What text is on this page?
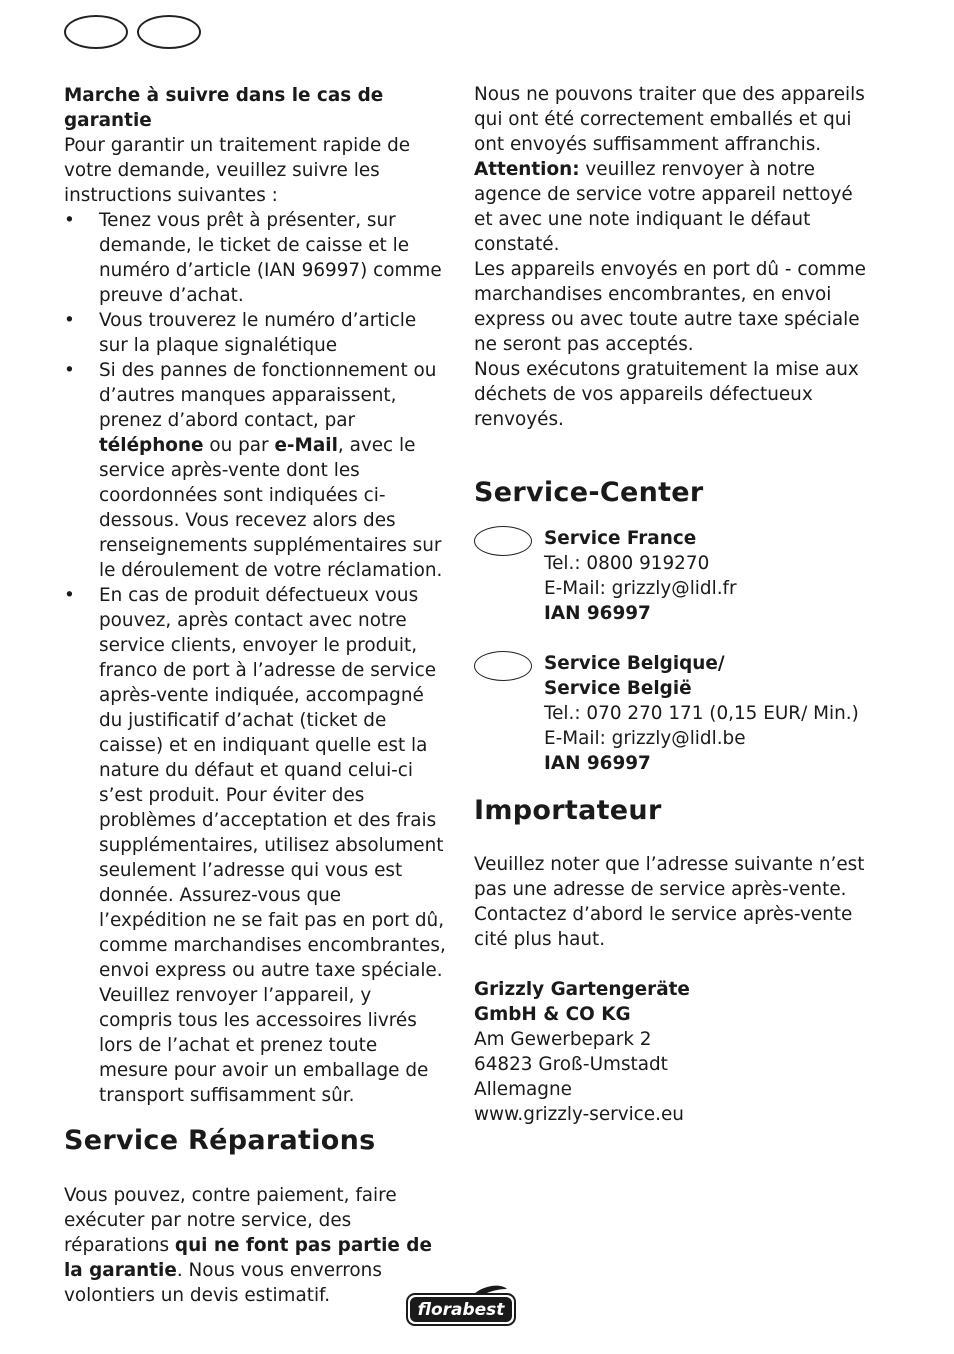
Marche à suivre dans le cas de
garantie

Pour garantir un traitement rapide de votre demande, veuillez suivre les instructions suivantes :

• Tenez vous prêt à présenter, sur demande, le ticket de caisse et le numéro d’article (IAN 96997) comme preuve d’achat.
• Vous trouverez le numéro d’article sur la plaque signalétique
• Si des pannes de fonctionnement ou d’autres manques apparaissent, prenez d’abord contact, par téléphone ou par e-Mail, avec le service après-vente dont les coordonnées sont indiquées ci-dessous. Vous recevez alors des renseignements supplémentaires sur le déroulement de votre réclamation.
• En cas de produit défectueux vous pouvez, après contact avec notre service clients, envoyer le produit, franco de port à l’adresse de service après-vente indiquée, accompagné du justificatif d’achat (ticket de caisse) et en indiquant quelle est la nature du défaut et quand celui-ci s’est produit. Pour éviter des problèmes d’acceptation et des frais supplémentaires, utilisez absolument seulement l’adresse qui vous est donnée. Assurez-vous que l’expédition ne se fait pas en port dû, comme marchandises encombrantes, envoi express ou autre taxe spéciale. Veuillez renvoyer l’appareil, y compris tous les accessoires livrés lors de l’achat et prenez toute mesure pour avoir un emballage de transport suffisamment sûr.
Service Réparations

Vous pouvez, contre paiement, faire exécuter par notre service, des réparations qui ne font pas partie de la garantie. Nous vous enverrons volontiers un devis estimatif.

Nous ne pouvons traiter que des appareils qui ont été correctement emballés et qui ont envoyés suffisamment affranchis.

Attention: veuillez renvoyer à notre agence de service votre appareil nettoyé et avec une note indiquant le défaut constaté.

Les appareils envoyés en port dû - comme marchandises encombrantes, en envoi express ou avec toute autre taxe spéciale ne seront pas acceptés.

Nous exécutons gratuitement la mise aux déchets de vos appareils défectueux renvoyés.

Service-Center

Service France

Tel.: 0800 919270

E-Mail: grizzly@lidl.fr

IAN 96997

Service Belgique/

Service België

Tel.: 070 270 171 (0,15 EUR/ Min.)

E-Mail: grizzly@lidl.be

IAN 96997

Importateur

Veuillez noter que l’adresse suivante n’est pas une adresse de service après-vente. Contactez d’abord le service après-vente cité plus haut.

Grizzly Gartengeräte
GmbH & CO KG

Am Gewerbepark 2

64823 Groß-Umstadt

Allemagne

www.grizzly-service.eu

florabest
